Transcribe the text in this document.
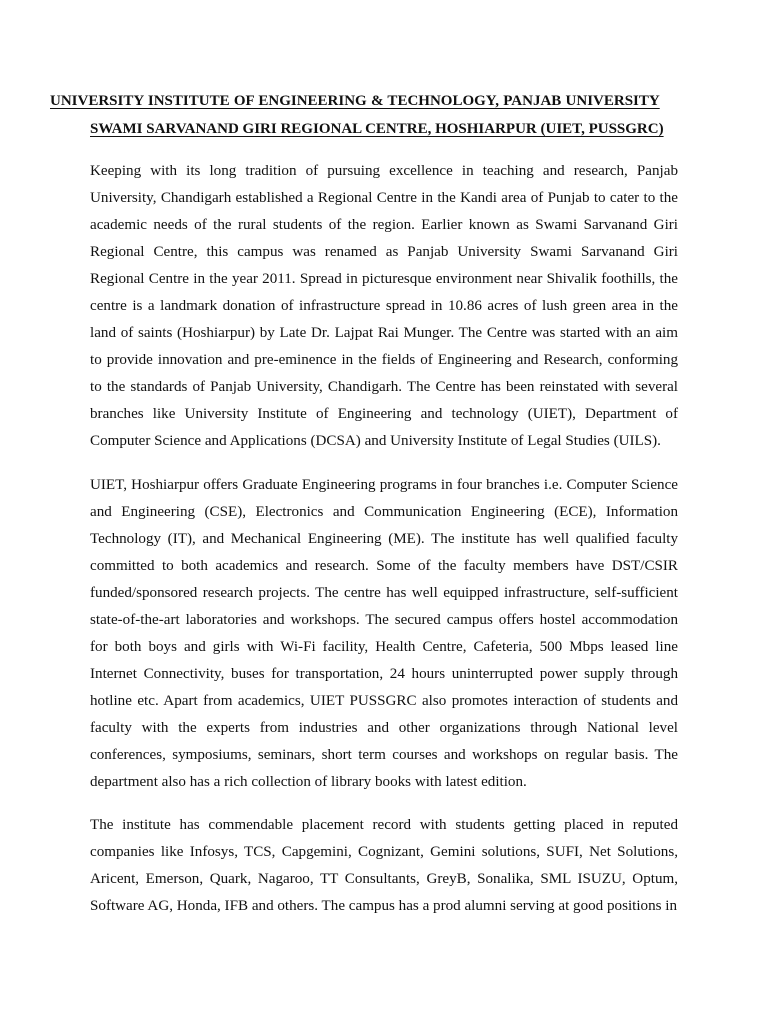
UNIVERSITY INSTITUTE OF ENGINEERING & TECHNOLOGY, PANJAB UNIVERSITY

SWAMI SARVANAND GIRI REGIONAL CENTRE, HOSHIARPUR (UIET, PUSSGRC)

Keeping with its long tradition of pursuing excellence in teaching and research, Panjab University, Chandigarh established a Regional Centre in the Kandi area of Punjab to cater to the academic needs of the rural students of the region. Earlier known as Swami Sarvanand Giri Regional Centre, this campus was renamed as Panjab University Swami Sarvanand Giri Regional Centre in the year 2011. Spread in picturesque environment near Shivalik foothills, the centre is a landmark donation of infrastructure spread in 10.86 acres of lush green area in the land of saints (Hoshiarpur) by Late Dr. Lajpat Rai Munger. The Centre was started with an aim to provide innovation and pre-eminence in the fields of Engineering and Research, conforming to the standards of Panjab University, Chandigarh. The Centre has been reinstated with several branches like University Institute of Engineering and technology (UIET), Department of Computer Science and Applications (DCSA) and University Institute of Legal Studies (UILS).

UIET, Hoshiarpur offers Graduate Engineering programs in four branches i.e. Computer Science and Engineering (CSE), Electronics and Communication Engineering (ECE), Information Technology (IT), and Mechanical Engineering (ME). The institute has well qualified faculty committed to both academics and research. Some of the faculty members have DST/CSIR funded/sponsored research projects. The centre has well equipped infrastructure, self-sufficient state-of-the-art laboratories and workshops. The secured campus offers hostel accommodation for both boys and girls with Wi-Fi facility, Health Centre, Cafeteria, 500 Mbps leased line Internet Connectivity, buses for transportation, 24 hours uninterrupted power supply through hotline etc. Apart from academics, UIET PUSSGRC also promotes interaction of students and faculty with the experts from industries and other organizations through National level conferences, symposiums, seminars, short term courses and workshops on regular basis. The department also has a rich collection of library books with latest edition.

The institute has commendable placement record with students getting placed in reputed companies like Infosys, TCS, Capgemini, Cognizant, Gemini solutions, SUFI, Net Solutions, Aricent, Emerson, Quark, Nagaroo, TT Consultants, GreyB, Sonalika, SML ISUZU, Optum, Software AG, Honda, IFB and others. The campus has a prod alumni serving at good positions in
